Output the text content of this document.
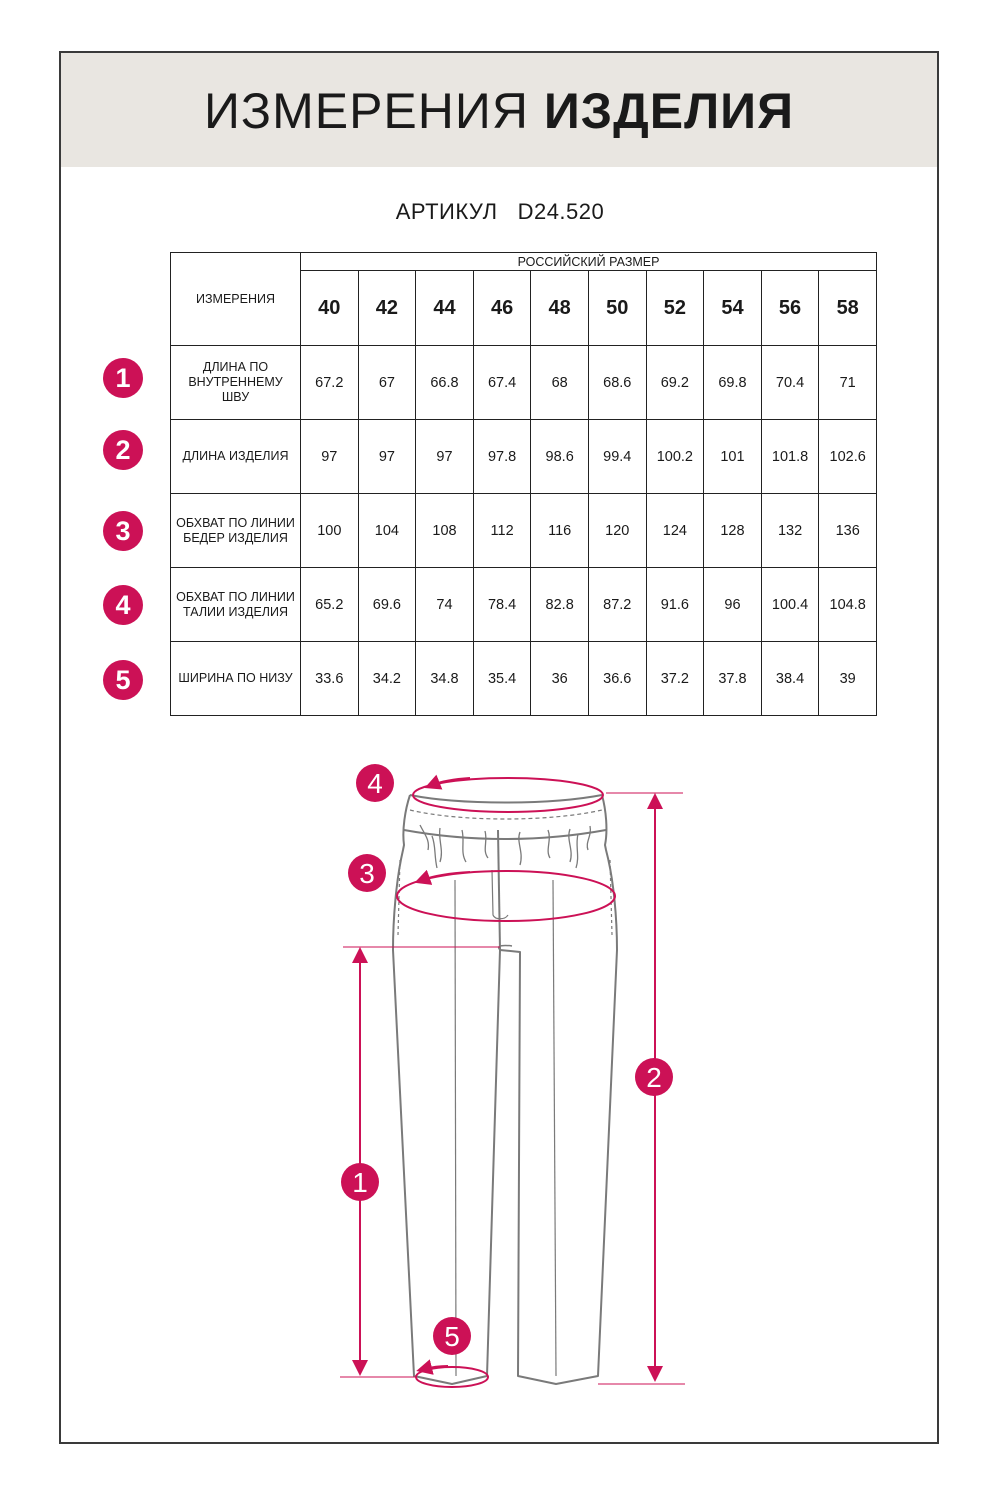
ИЗМЕРЕНИЯ ИЗДЕЛИЯ
АРТИКУЛ D24.520
ИЗМЕРЕНИЯ	РОССИЙСКИЙ РАЗМЕР									
	40	42	44	46	48	50	52	54	56	58
ДЛИНА ПО ВНУТРЕННЕМУ ШВУ	67.2	67	66.8	67.4	68	68.6	69.2	69.8	70.4	71
ДЛИНА ИЗДЕЛИЯ	97	97	97	97.8	98.6	99.4	100.2	101	101.8	102.6
ОБХВАТ ПО ЛИНИИ БЕДЕР ИЗДЕЛИЯ	100	104	108	112	116	120	124	128	132	136
ОБХВАТ ПО ЛИНИИ ТАЛИИ ИЗДЕЛИЯ	65.2	69.6	74	78.4	82.8	87.2	91.6	96	100.4	104.8
ШИРИНА ПО НИЗУ	33.6	34.2	34.8	35.4	36	36.6	37.2	37.8	38.4	39
1
2
3
4
5
4
3
2
1
5
